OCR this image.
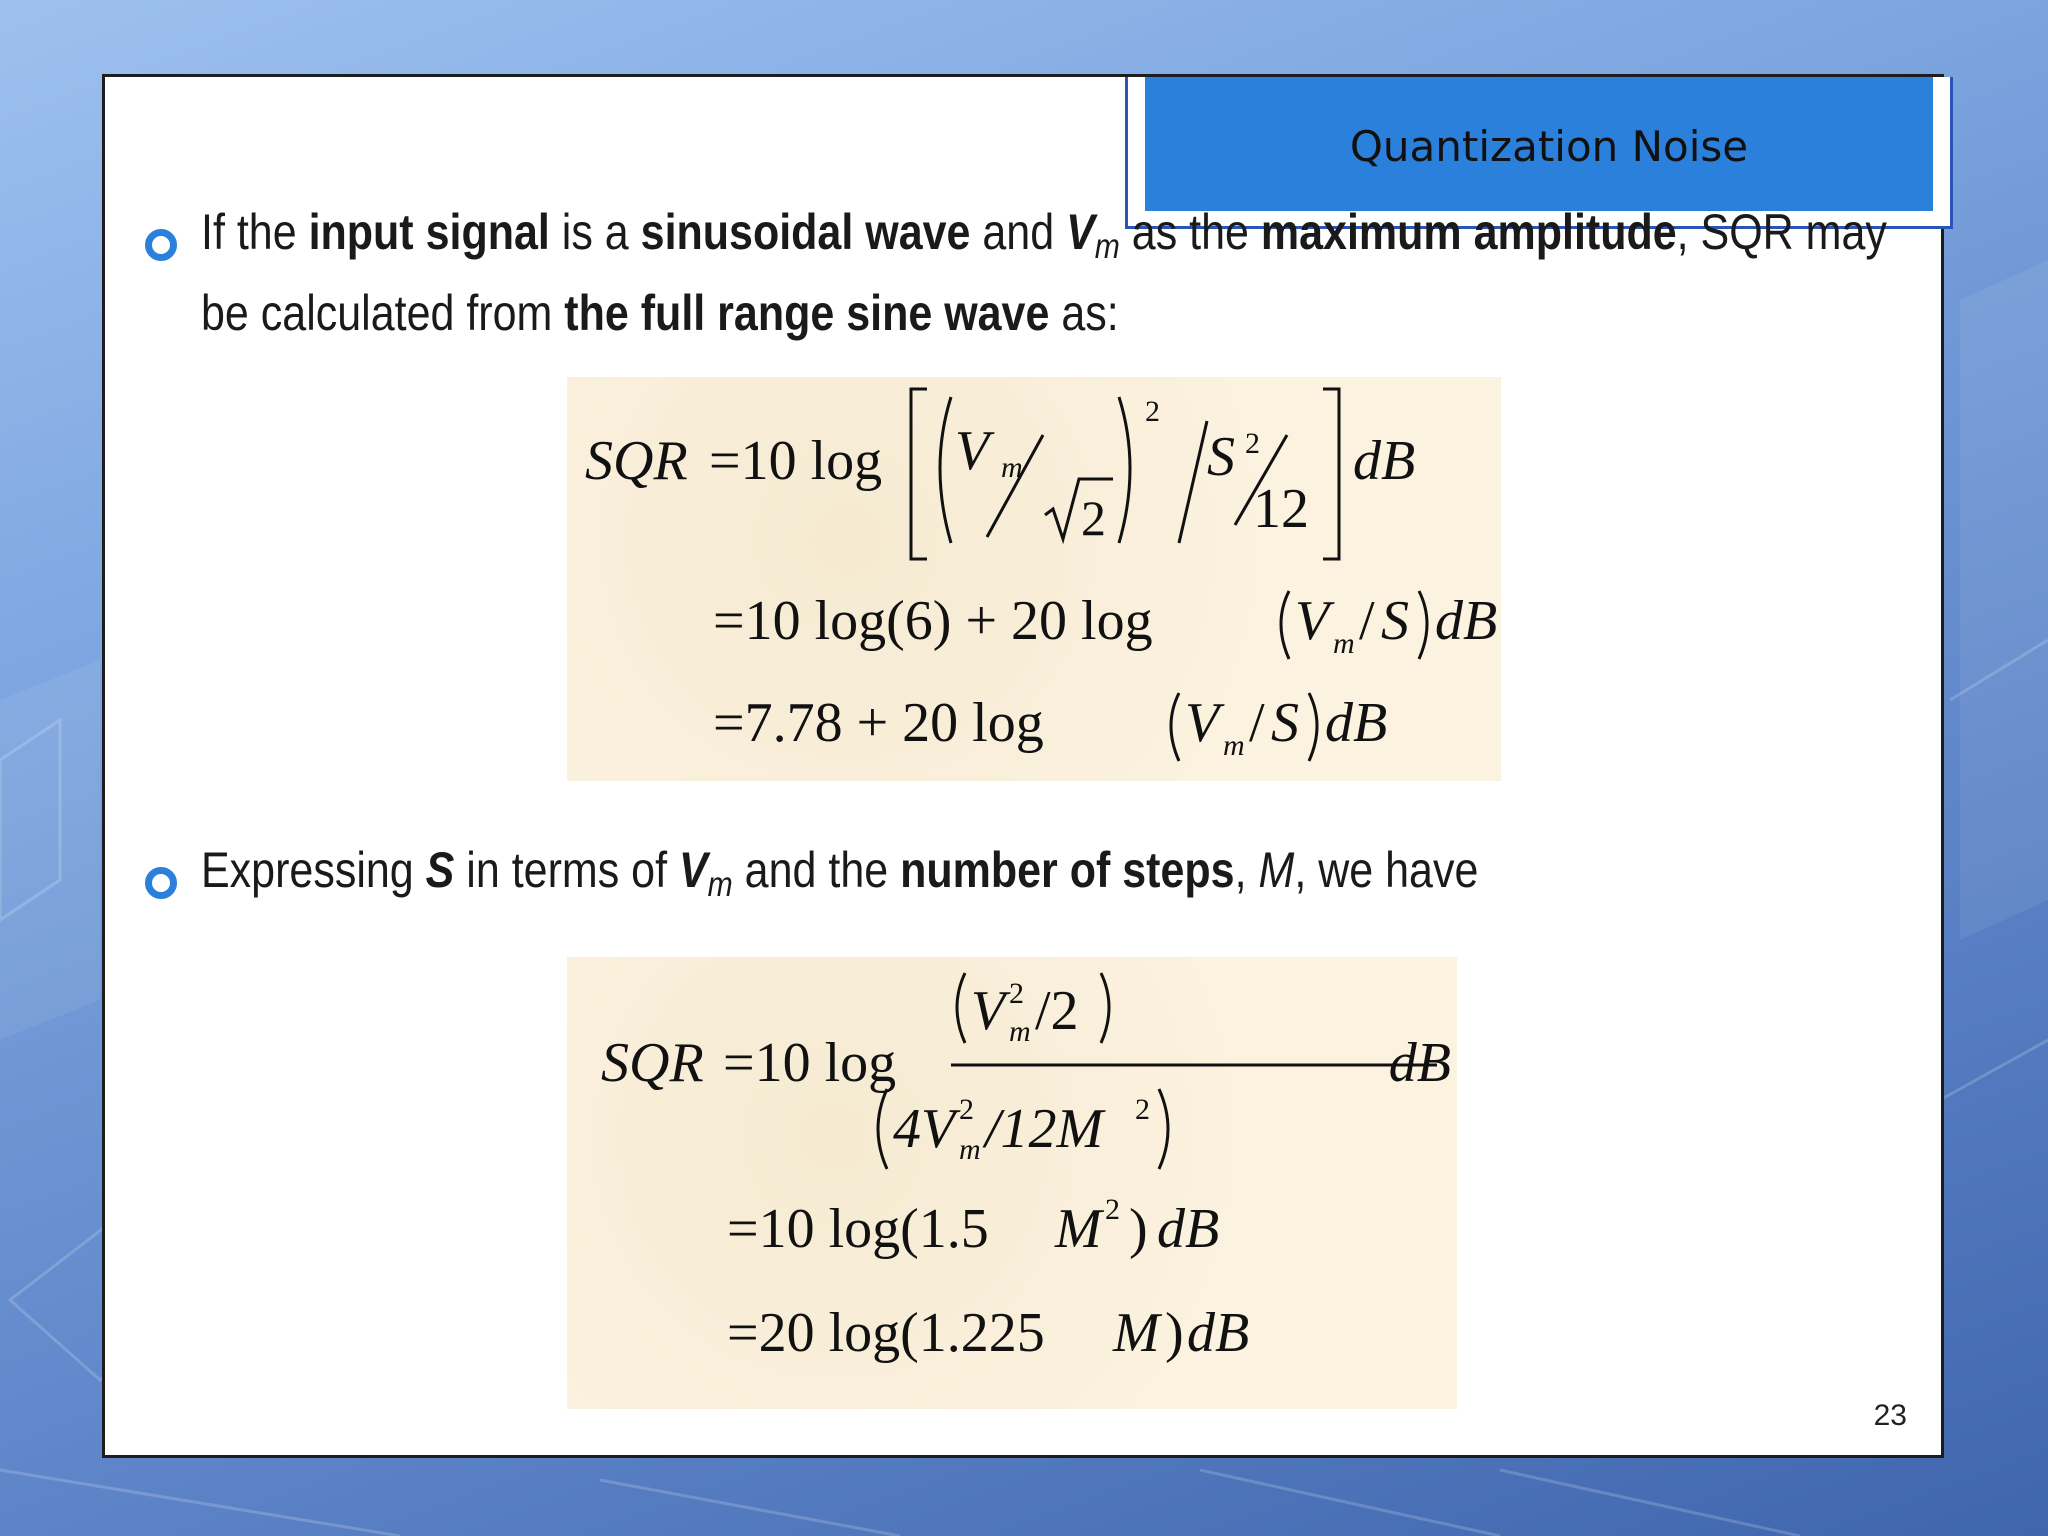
Quantization Noise
If the input signal is a sinusoidal wave and $V_m$ as the maximum amplitude, SQR may be calculated from the full range sine wave as:
SQR =10 log V m
2
2
S 2
12
dB
=10 log(6) + 20 log	V m / S dB
=7.78 + 20 log	V m / S dB
Expressing S in terms of $V_m$ and the number of steps, M, we have
SQR =10 log
V 2
m /2
4V 2
m /12M 2
dB
=10 log(1.5 M 2 ) dB
=20 log(1.225 M ) dB
23
